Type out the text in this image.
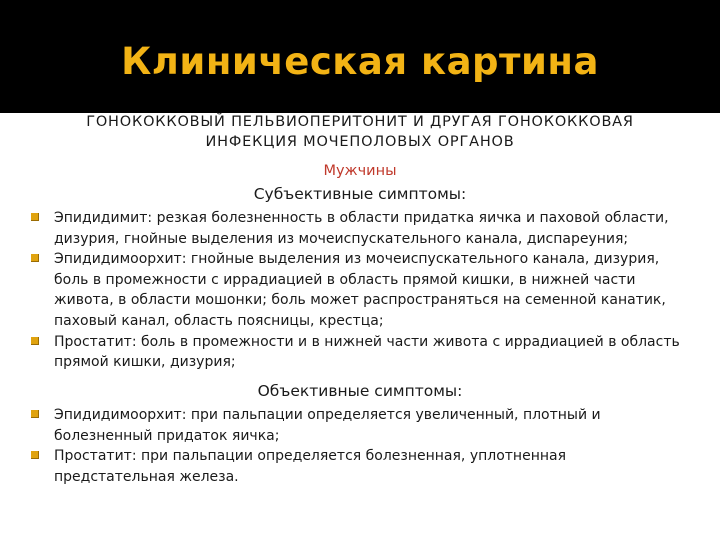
Клиническая картина
ГОНОКОККОВЫЙ ПЕЛЬВИОПЕРИТОНИТ И ДРУГАЯ ГОНОКОККОВАЯ
ИНФЕКЦИЯ МОЧЕПОЛОВЫХ ОРГАНОВ
Мужчины
Субъективные симптомы:
Эпидидимит: резкая болезненность в области придатка яичка и паховой области, дизурия, гнойные выделения из мочеиспускательного канала, диспареуния;
Эпидидимоорхит: гнойные выделения из мочеиспускательного канала, дизурия, боль в промежности с иррадиацией в область прямой кишки, в нижней части живота, в области мошонки; боль может распространяться на семенной канатик, паховый канал, область поясницы, крестца;
Простатит: боль в промежности и в нижней части живота с иррадиацией в область прямой кишки, дизурия;
Объективные симптомы:
Эпидидимоорхит: при пальпации определяется увеличенный, плотный и болезненный придаток яичка;
Простатит: при пальпации определяется болезненная, уплотненная предстательная железа.
